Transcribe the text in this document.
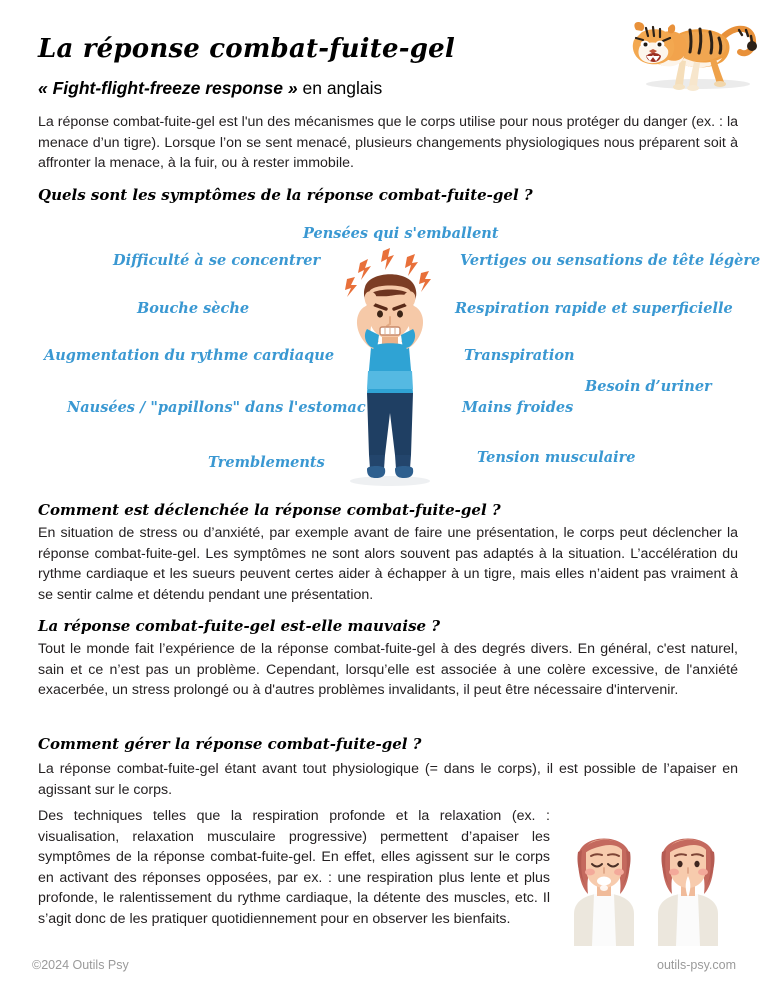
La réponse combat-fuite-gel
« Fight-flight-freeze response » en anglais
La réponse combat-fuite-gel est l'un des mécanismes que le corps utilise pour nous protéger du danger (ex. : la menace d’un tigre). Lorsque l’on se sent menacé, plusieurs changements physiologiques nous préparent soit à affronter la menace, à la fuir, ou à rester immobile.
Quels sont les symptômes de la réponse combat-fuite-gel ?
Pensées qui s'emballent
Difficulté à se concentrer	Vertiges ou sensations de tête légère
Bouche sèche	Respiration rapide et superficielle
Augmentation du rythme cardiaque	Transpiration
Besoin d’uriner
Nausées / "papillons" dans l'estomac	Mains froides
Tremblements	Tension musculaire
Comment est déclenchée la réponse combat-fuite-gel ?
En situation de stress ou d’anxiété, par exemple avant de faire une présentation, le corps peut déclencher la réponse combat-fuite-gel. Les symptômes ne sont alors souvent pas adaptés à la situation. L’accélération du rythme cardiaque et les sueurs peuvent certes aider à échapper à un tigre, mais elles n’aident pas vraiment à se sentir calme et détendu pendant une présentation.
La réponse combat-fuite-gel est-elle mauvaise ?
Tout le monde fait l’expérience de la réponse combat-fuite-gel à des degrés divers. En général, c'est naturel, sain et ce n’est pas un problème. Cependant, lorsqu’elle est associée à une colère excessive, de l'anxiété exacerbée, un stress prolongé ou à d'autres problèmes invalidants, il peut être nécessaire d'intervenir.
Comment gérer la réponse combat-fuite-gel ?
La réponse combat-fuite-gel étant avant tout physiologique (= dans le corps), il est possible de l’apaiser en agissant sur le corps.
Des techniques telles que la respiration profonde et la relaxation (ex. : visualisation, relaxation musculaire progressive) permettent d’apaiser les symptômes de la réponse combat-fuite-gel. En effet, elles agissent sur le corps en activant des réponses opposées, par ex. : une respiration plus lente et plus profonde, le ralentissement du rythme cardiaque, la détente des muscles, etc. Il s’agit donc de les pratiquer quotidiennement pour en observer les bienfaits.
©2024 Outils Psy	outils-psy.com
